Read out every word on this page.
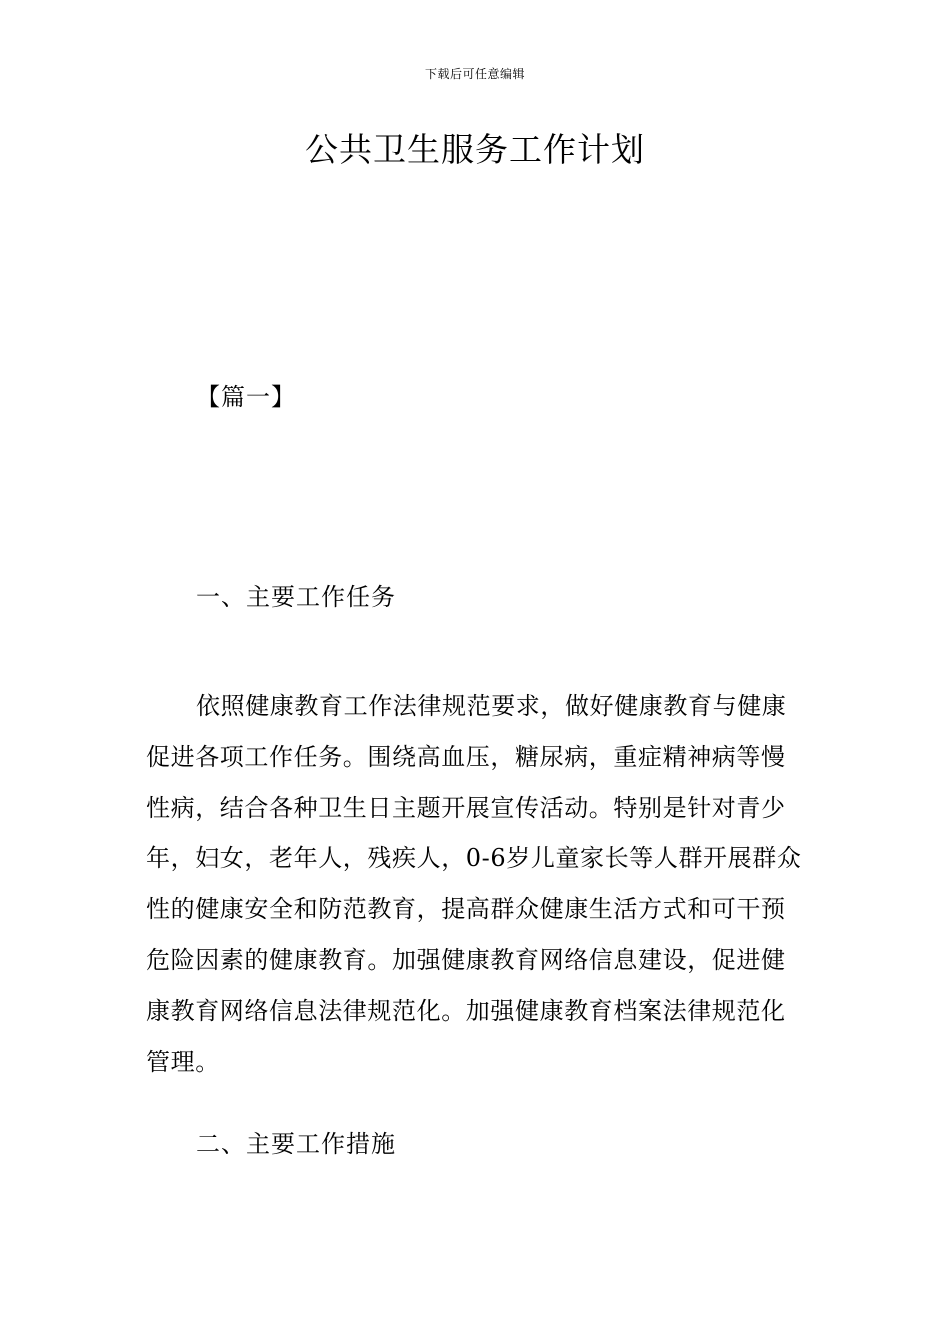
下载后可任意编辑
公共卫生服务工作计划
【篇一】
一、主要工作任务

依照健康教育工作法律规范要求，做好健康教育与健康促进各项工作任务。围绕高血压，糖尿病，重症精神病等慢性病，结合各种卫生日主题开展宣传活动。特别是针对青少年，妇女，老年人，残疾人，0-6岁儿童家长等人群开展群众性的健康安全和防范教育，提高群众健康生活方式和可干预危险因素的健康教育。加强健康教育网络信息建设，促进健康教育网络信息法律规范化。加强健康教育档案法律规范化管理。

二、主要工作措施
